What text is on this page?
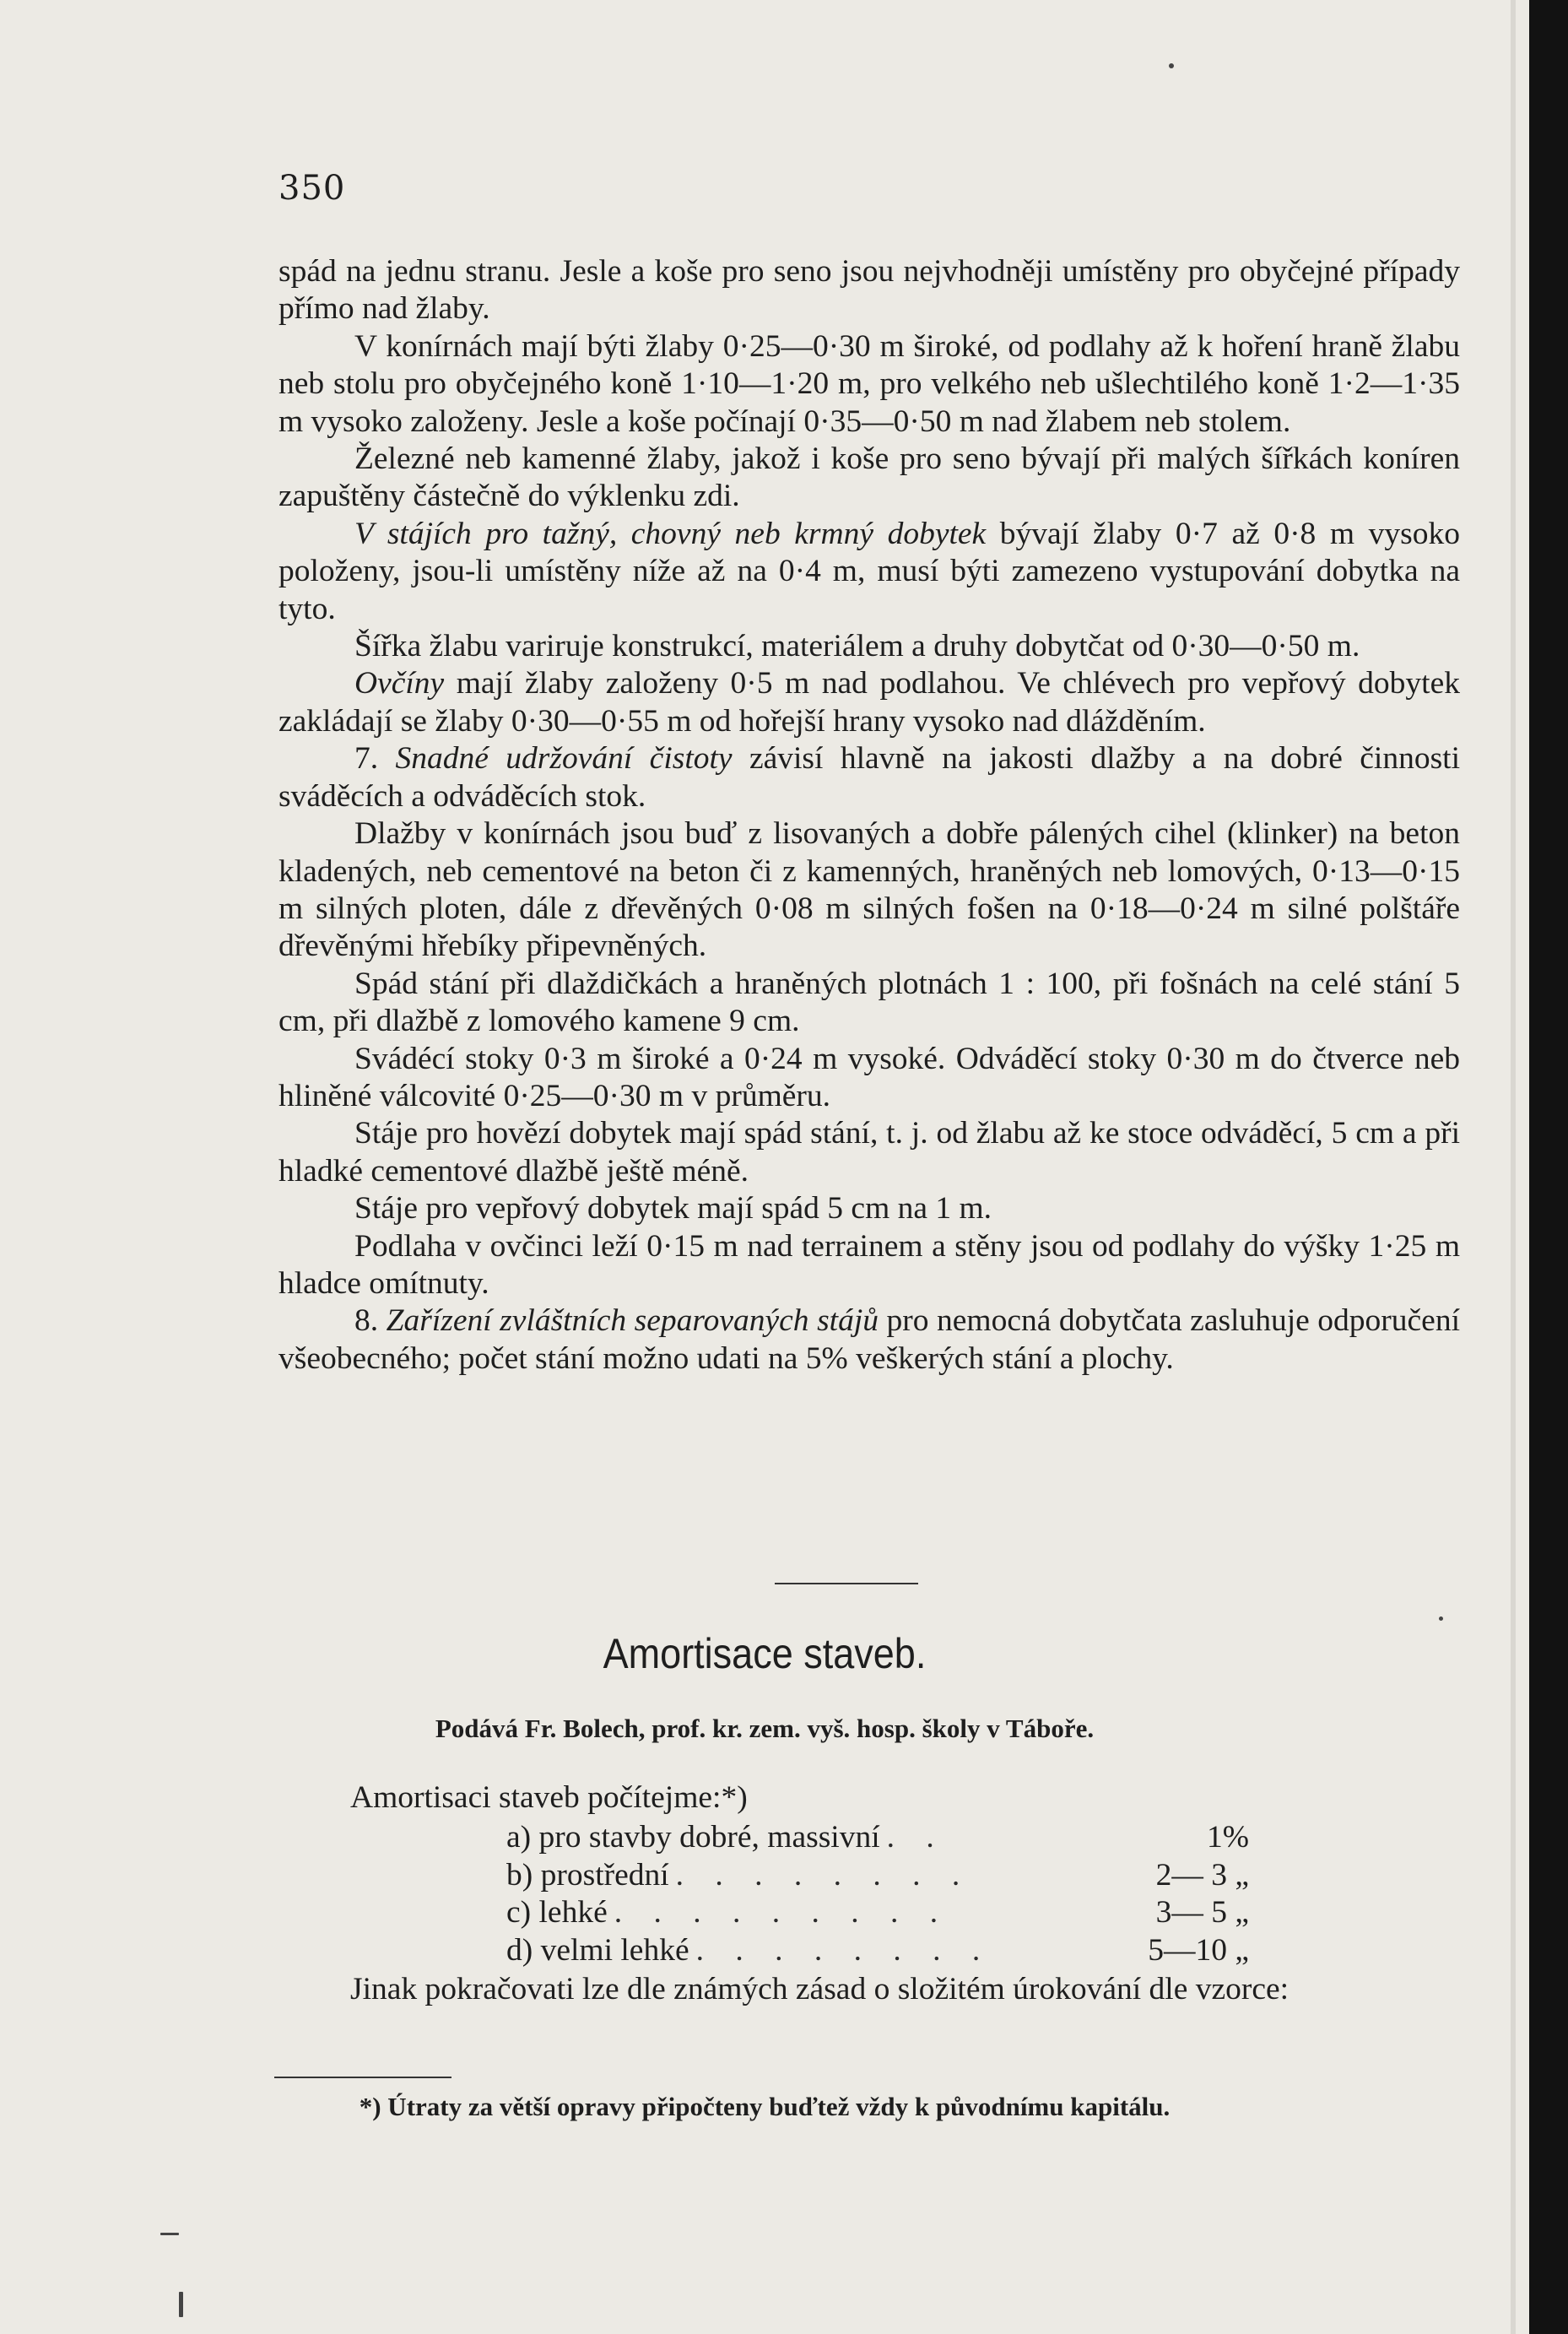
350

spád na jednu stranu. Jesle a koše pro seno jsou nejvhodněji umístěny pro obyčejné případy přímo nad žlaby.

V konírnách mají býti žlaby 0·25—0·30 m široké, od podlahy až k hoření hraně žlabu neb stolu pro obyčejného koně 1·10—1·20 m, pro velkého neb ušlechtilého koně 1·2—1·35 m vysoko založeny. Jesle a koše počínají 0·35—0·50 m nad žlabem neb stolem.

Železné neb kamenné žlaby, jakož i koše pro seno bývají při malých šířkách koníren zapuštěny částečně do výklenku zdi.

V stájích pro tažný, chovný neb krmný dobytek bývají žlaby 0·7 až 0·8 m vysoko položeny, jsou-li umístěny níže až na 0·4 m, musí býti zamezeno vystupování dobytka na tyto.

Šířka žlabu variruje konstrukcí, materiálem a druhy dobytčat od 0·30—0·50 m.

Ovčíny mají žlaby založeny 0·5 m nad podlahou. Ve chlévech pro vepřový dobytek zakládají se žlaby 0·30—0·55 m od hořejší hrany vysoko nad dlážděním.

7. Snadné udržování čistoty závisí hlavně na jakosti dlažby a na dobré činnosti sváděcích a odváděcích stok.

Dlažby v konírnách jsou buď z lisovaných a dobře pálených cihel (klinker) na beton kladených, neb cementové na beton či z kamenných, hraněných neb lomových, 0·13—0·15 m silných ploten, dále z dřevěných 0·08 m silných fošen na 0·18—0·24 m silné polštáře dřevěnými hřebíky připevněných.

Spád stání při dlaždičkách a hraněných plotnách 1 : 100, při fošnách na celé stání 5 cm, při dlažbě z lomového kamene 9 cm.

Svádécí stoky 0·3 m široké a 0·24 m vysoké. Odváděcí stoky 0·30 m do čtverce neb hliněné válcovité 0·25—0·30 m v průměru.

Stáje pro hovězí dobytek mají spád stání, t. j. od žlabu až ke stoce odváděcí, 5 cm a při hladké cementové dlažbě ještě méně.

Stáje pro vepřový dobytek mají spád 5 cm na 1 m.

Podlaha v ovčinci leží 0·15 m nad terrainem a stěny jsou od podlahy do výšky 1·25 m hladce omítnuty.

8. Zařízení zvláštních separovaných stájů pro nemocná dobytčata zasluhuje odporučení všeobecného; počet stání možno udati na 5% veškerých stání a plochy.

Amortisace staveb.
Podává Fr. Bolech, prof. kr. zem. vyš. hosp. školy v Táboře.
Amortisaci staveb počítejme:*)
a) pro stavby dobré, massivní . .	1%
b) prostřední . . . . . . . .	2— 3 „
c) lehké . . . . . . . . .	3— 5 „
d) velmi lehké . . . . . . . .	5—10 „

Jinak pokračovati lze dle známých zásad o složitém úrokování dle vzorce:

*) Útraty za větší opravy připočteny buďtež vždy k původnímu kapitálu.
